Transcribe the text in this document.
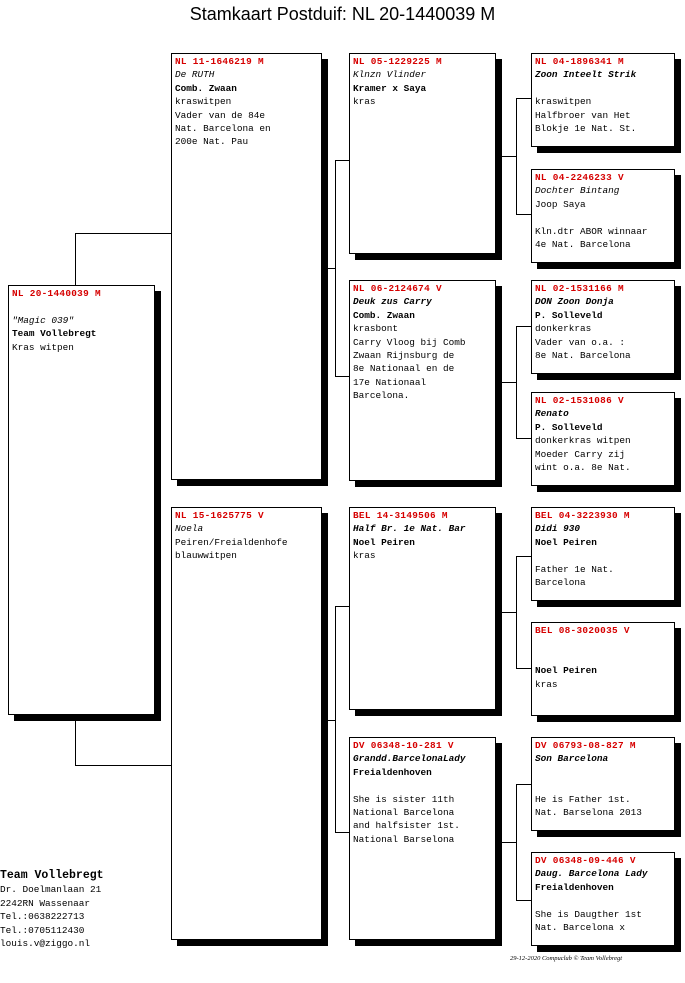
Stamkaart Postduif: NL 20-1440039 M
NL 20-1440039 M
"Magic 039"
Team Vollebregt
Kras witpen
NL 11-1646219 M
De RUTH
Comb. Zwaan
kraswitpen
Vader van de 84e
Nat. Barcelona en
200e Nat. Pau
NL 15-1625775 V
Noela
Peiren/Freialdenhofe
blauwwitpen
NL 05-1229225 M
Klnzn Vlinder
Kramer x Saya
kras
NL 06-2124674 V
Deuk zus Carry
Comb. Zwaan
krasbont
Carry Vloog bij Comb
Zwaan Rijnsburg de
8e Nationaal en de
17e Nationaal
Barcelona.
BEL 14-3149506 M
Half Br. 1e Nat. Bar
Noel Peiren
kras
DV 06348-10-281 V
Grandd.BarcelonaLady
Freialdenhoven
She is sister 11th
National Barcelona
and halfsister 1st.
National Barselona
NL 04-1896341 M
Zoon Inteelt Strik
kraswitpen
Halfbroer van Het
Blokje 1e Nat. St.
NL 04-2246233 V
Dochter Bintang
Joop Saya
Kln.dtr ABOR winnaar
4e Nat. Barcelona
NL 02-1531166 M
DON Zoon Donja
P. Solleveld
donkerkras
Vader van o.a. :
8e Nat. Barcelona
NL 02-1531086 V
Renato
P. Solleveld
donkerkras witpen
Moeder Carry zij
wint o.a. 8e Nat.
BEL 04-3223930 M
Didi 930
Noel Peiren
Father 1e Nat.
Barcelona
BEL 08-3020035 V
Noel Peiren
kras
DV 06793-08-827 M
Son Barcelona
He is Father 1st.
Nat. Barselona 2013
DV 06348-09-446 V
Daug. Barcelona Lady
Freialdenhoven
She is Daugther 1st
Nat. Barcelona x
Team Vollebregt
Dr. Doelmanlaan 21
2242RN Wassenaar
Tel.:0638222713
Tel.:0705112430
louis.v@ziggo.nl
29-12-2020 Compuclub © Team Vollebregt
